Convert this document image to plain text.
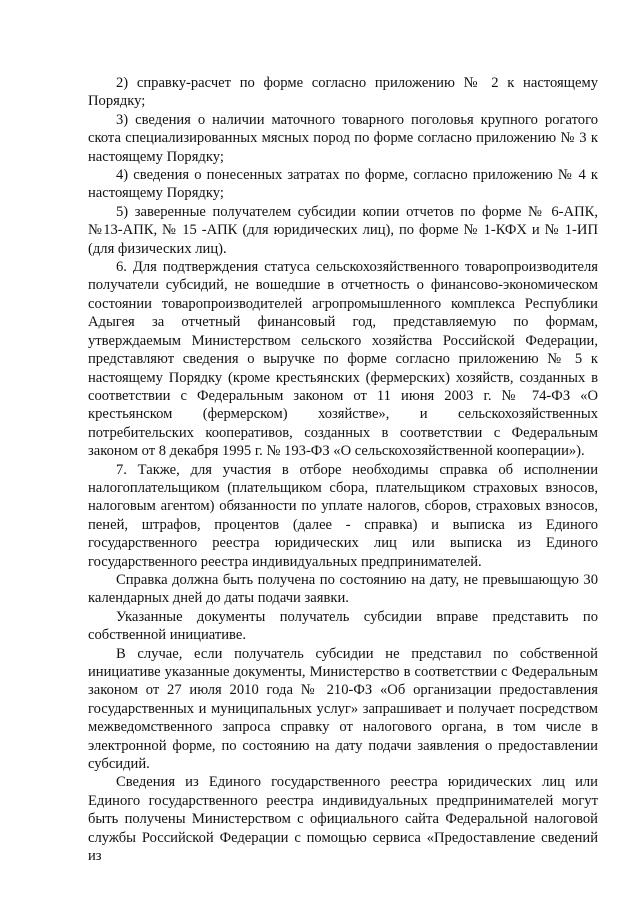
2) справку-расчет по форме согласно приложению № 2 к настоящему Порядку;

3) сведения о наличии маточного товарного поголовья крупного рогатого скота специализированных мясных пород по форме согласно приложению № 3 к настоящему Порядку;

4) сведения о понесенных затратах по форме, согласно приложению № 4 к настоящему Порядку;

5) заверенные получателем субсидии копии отчетов по форме № 6-АПК, №13-АПК, № 15 -АПК (для юридических лиц), по форме № 1-КФХ и № 1-ИП (для физических лиц).

6. Для подтверждения статуса сельскохозяйственного товаропроизводителя получатели субсидий, не вошедшие в отчетность о финансово-экономическом состоянии товаропроизводителей агропромышленного комплекса Республики Адыгея за отчетный финансовый год, представляемую по формам, утверждаемым Министерством сельского хозяйства Российской Федерации, представляют сведения о выручке по форме согласно приложению № 5 к настоящему Порядку (кроме крестьянских (фермерских) хозяйств, созданных в соответствии с Федеральным законом от 11 июня 2003 г. № 74-ФЗ «О крестьянском (фермерском) хозяйстве», и сельскохозяйственных потребительских кооперативов, созданных в соответствии с Федеральным законом от 8 декабря 1995 г. № 193-ФЗ «О сельскохозяйственной кооперации»).

7. Также, для участия в отборе необходимы справка об исполнении налогоплательщиком (плательщиком сбора, плательщиком страховых взносов, налоговым агентом) обязанности по уплате налогов, сборов, страховых взносов, пеней, штрафов, процентов (далее - справка) и выписка из Единого государственного реестра юридических лиц или выписка из Единого государственного реестра индивидуальных предпринимателей.

Справка должна быть получена по состоянию на дату, не превышающую 30 календарных дней до даты подачи заявки.

Указанные документы получатель субсидии вправе представить по собственной инициативе.

В случае, если получатель субсидии не представил по собственной инициативе указанные документы, Министерство в соответствии с Федеральным законом от 27 июля 2010 года № 210-ФЗ «Об организации предоставления государственных и муниципальных услуг» запрашивает и получает посредством межведомственного запроса справку от налогового органа, в том числе в электронной форме, по состоянию на дату подачи заявления о предоставлении субсидий.

Сведения из Единого государственного реестра юридических лиц или Единого государственного реестра индивидуальных предпринимателей могут быть получены Министерством с официального сайта Федеральной налоговой службы Российской Федерации с помощью сервиса «Предоставление сведений из
